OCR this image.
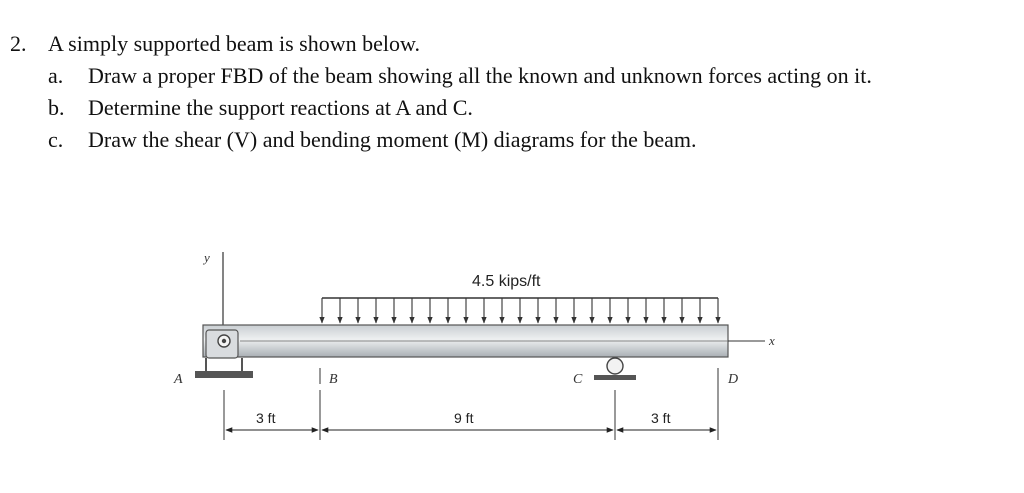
2. A simply supported beam is shown below.
a. Draw a proper FBD of the beam showing all the known and unknown forces acting on it.
b. Determine the support reactions at A and C.
c. Draw the shear (V) and bending moment (M) diagrams for the beam.
y
4.5 kips/ft
x
A	B	C	D
3 ft	9 ft	3 ft
